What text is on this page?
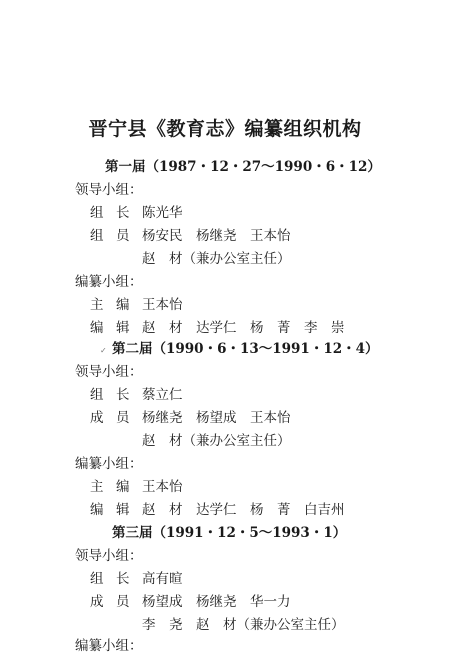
晋宁县《教育志》编纂组织机构
第一届（1987・12・27～1990・6・12）
领导小组：
组 长 陈光华
组 员 杨安民　杨继尧　王本怡
赵　材（兼办公室主任）
编纂小组：
主 编 王本怡
编 辑 赵　材　达学仁　杨　菁　李　崇
✓ 第二届（1990・6・13～1991・12・4）
领导小组：
组 长 蔡立仁
成 员 杨继尧　杨望成　王本怡
赵　材（兼办公室主任）
编纂小组：
主 编 王本怡
编 辑 赵　材　达学仁　杨　菁　白吉州
第三届（1991・12・5～1993・1）
领导小组：
组 长 高有暄
成 员 杨望成　杨继尧　华一力
李　尧　赵　材（兼办公室主任）
编纂小组：
